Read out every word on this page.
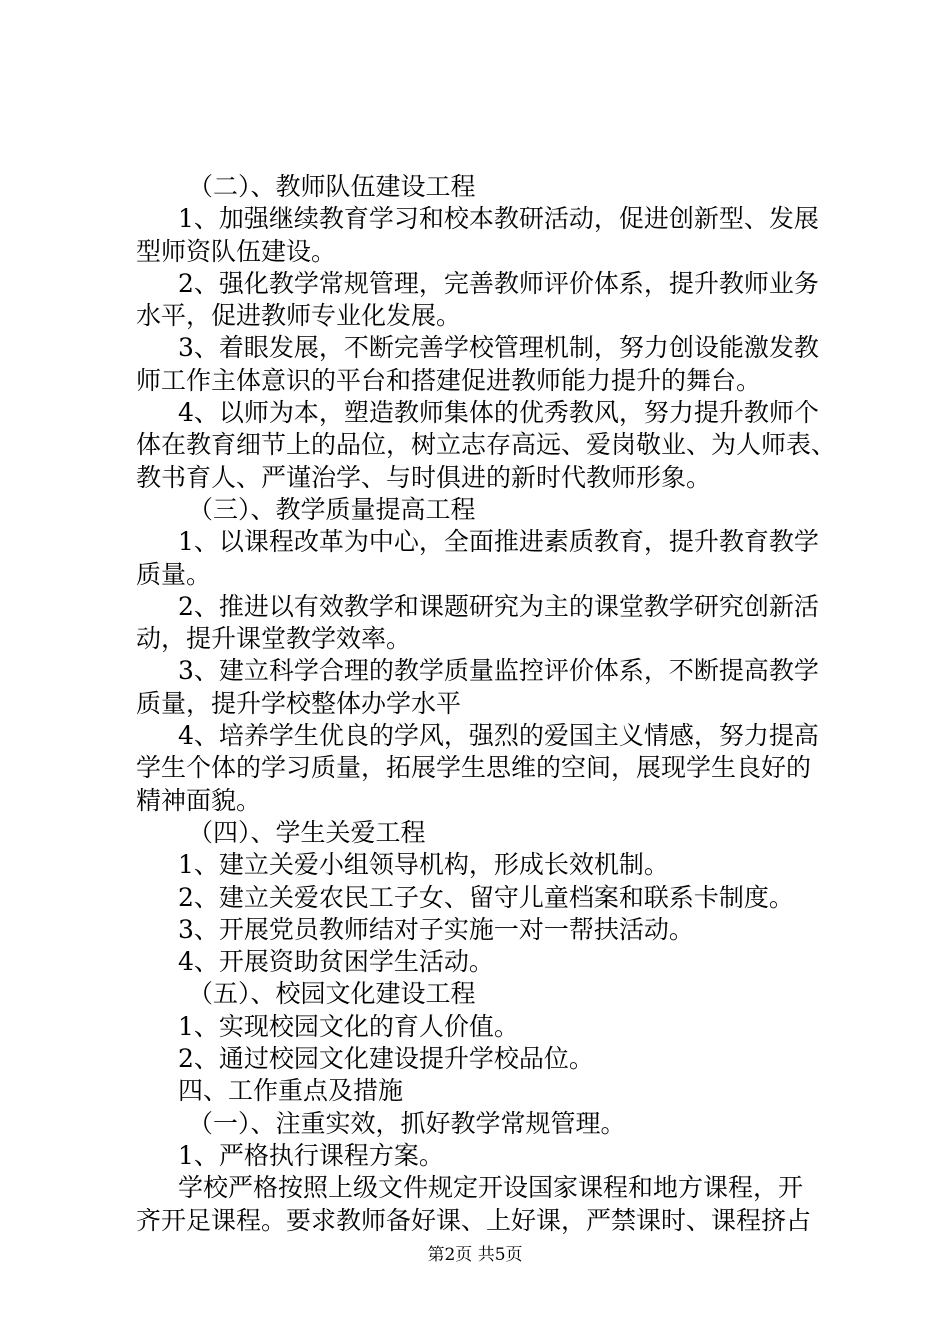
（二）、教师队伍建设工程
1、加强继续教育学习和校本教研活动，促进创新型、发展
型师资队伍建设。
2、强化教学常规管理，完善教师评价体系，提升教师业务
水平，促进教师专业化发展。
3、着眼发展，不断完善学校管理机制，努力创设能激发教
师工作主体意识的平台和搭建促进教师能力提升的舞台。
4、以师为本，塑造教师集体的优秀教风，努力提升教师个
体在教育细节上的品位，树立志存高远、爱岗敬业、为人师表、
教书育人、严谨治学、与时俱进的新时代教师形象。
（三）、教学质量提高工程
1、以课程改革为中心，全面推进素质教育，提升教育教学
质量。
2、推进以有效教学和课题研究为主的课堂教学研究创新活
动，提升课堂教学效率。
3、建立科学合理的教学质量监控评价体系，不断提高教学
质量，提升学校整体办学水平
4、培养学生优良的学风，强烈的爱国主义情感，努力提高
学生个体的学习质量，拓展学生思维的空间，展现学生良好的
精神面貌。
（四）、学生关爱工程
1、建立关爱小组领导机构，形成长效机制。
2、建立关爱农民工子女、留守儿童档案和联系卡制度。
3、开展党员教师结对子实施一对一帮扶活动。
4、开展资助贫困学生活动。
（五）、校园文化建设工程
1、实现校园文化的育人价值。
2、通过校园文化建设提升学校品位。
四、工作重点及措施
（一）、注重实效，抓好教学常规管理。
1、严格执行课程方案。
学校严格按照上级文件规定开设国家课程和地方课程，开
齐开足课程。要求教师备好课、上好课，严禁课时、课程挤占
第2页 共5页
